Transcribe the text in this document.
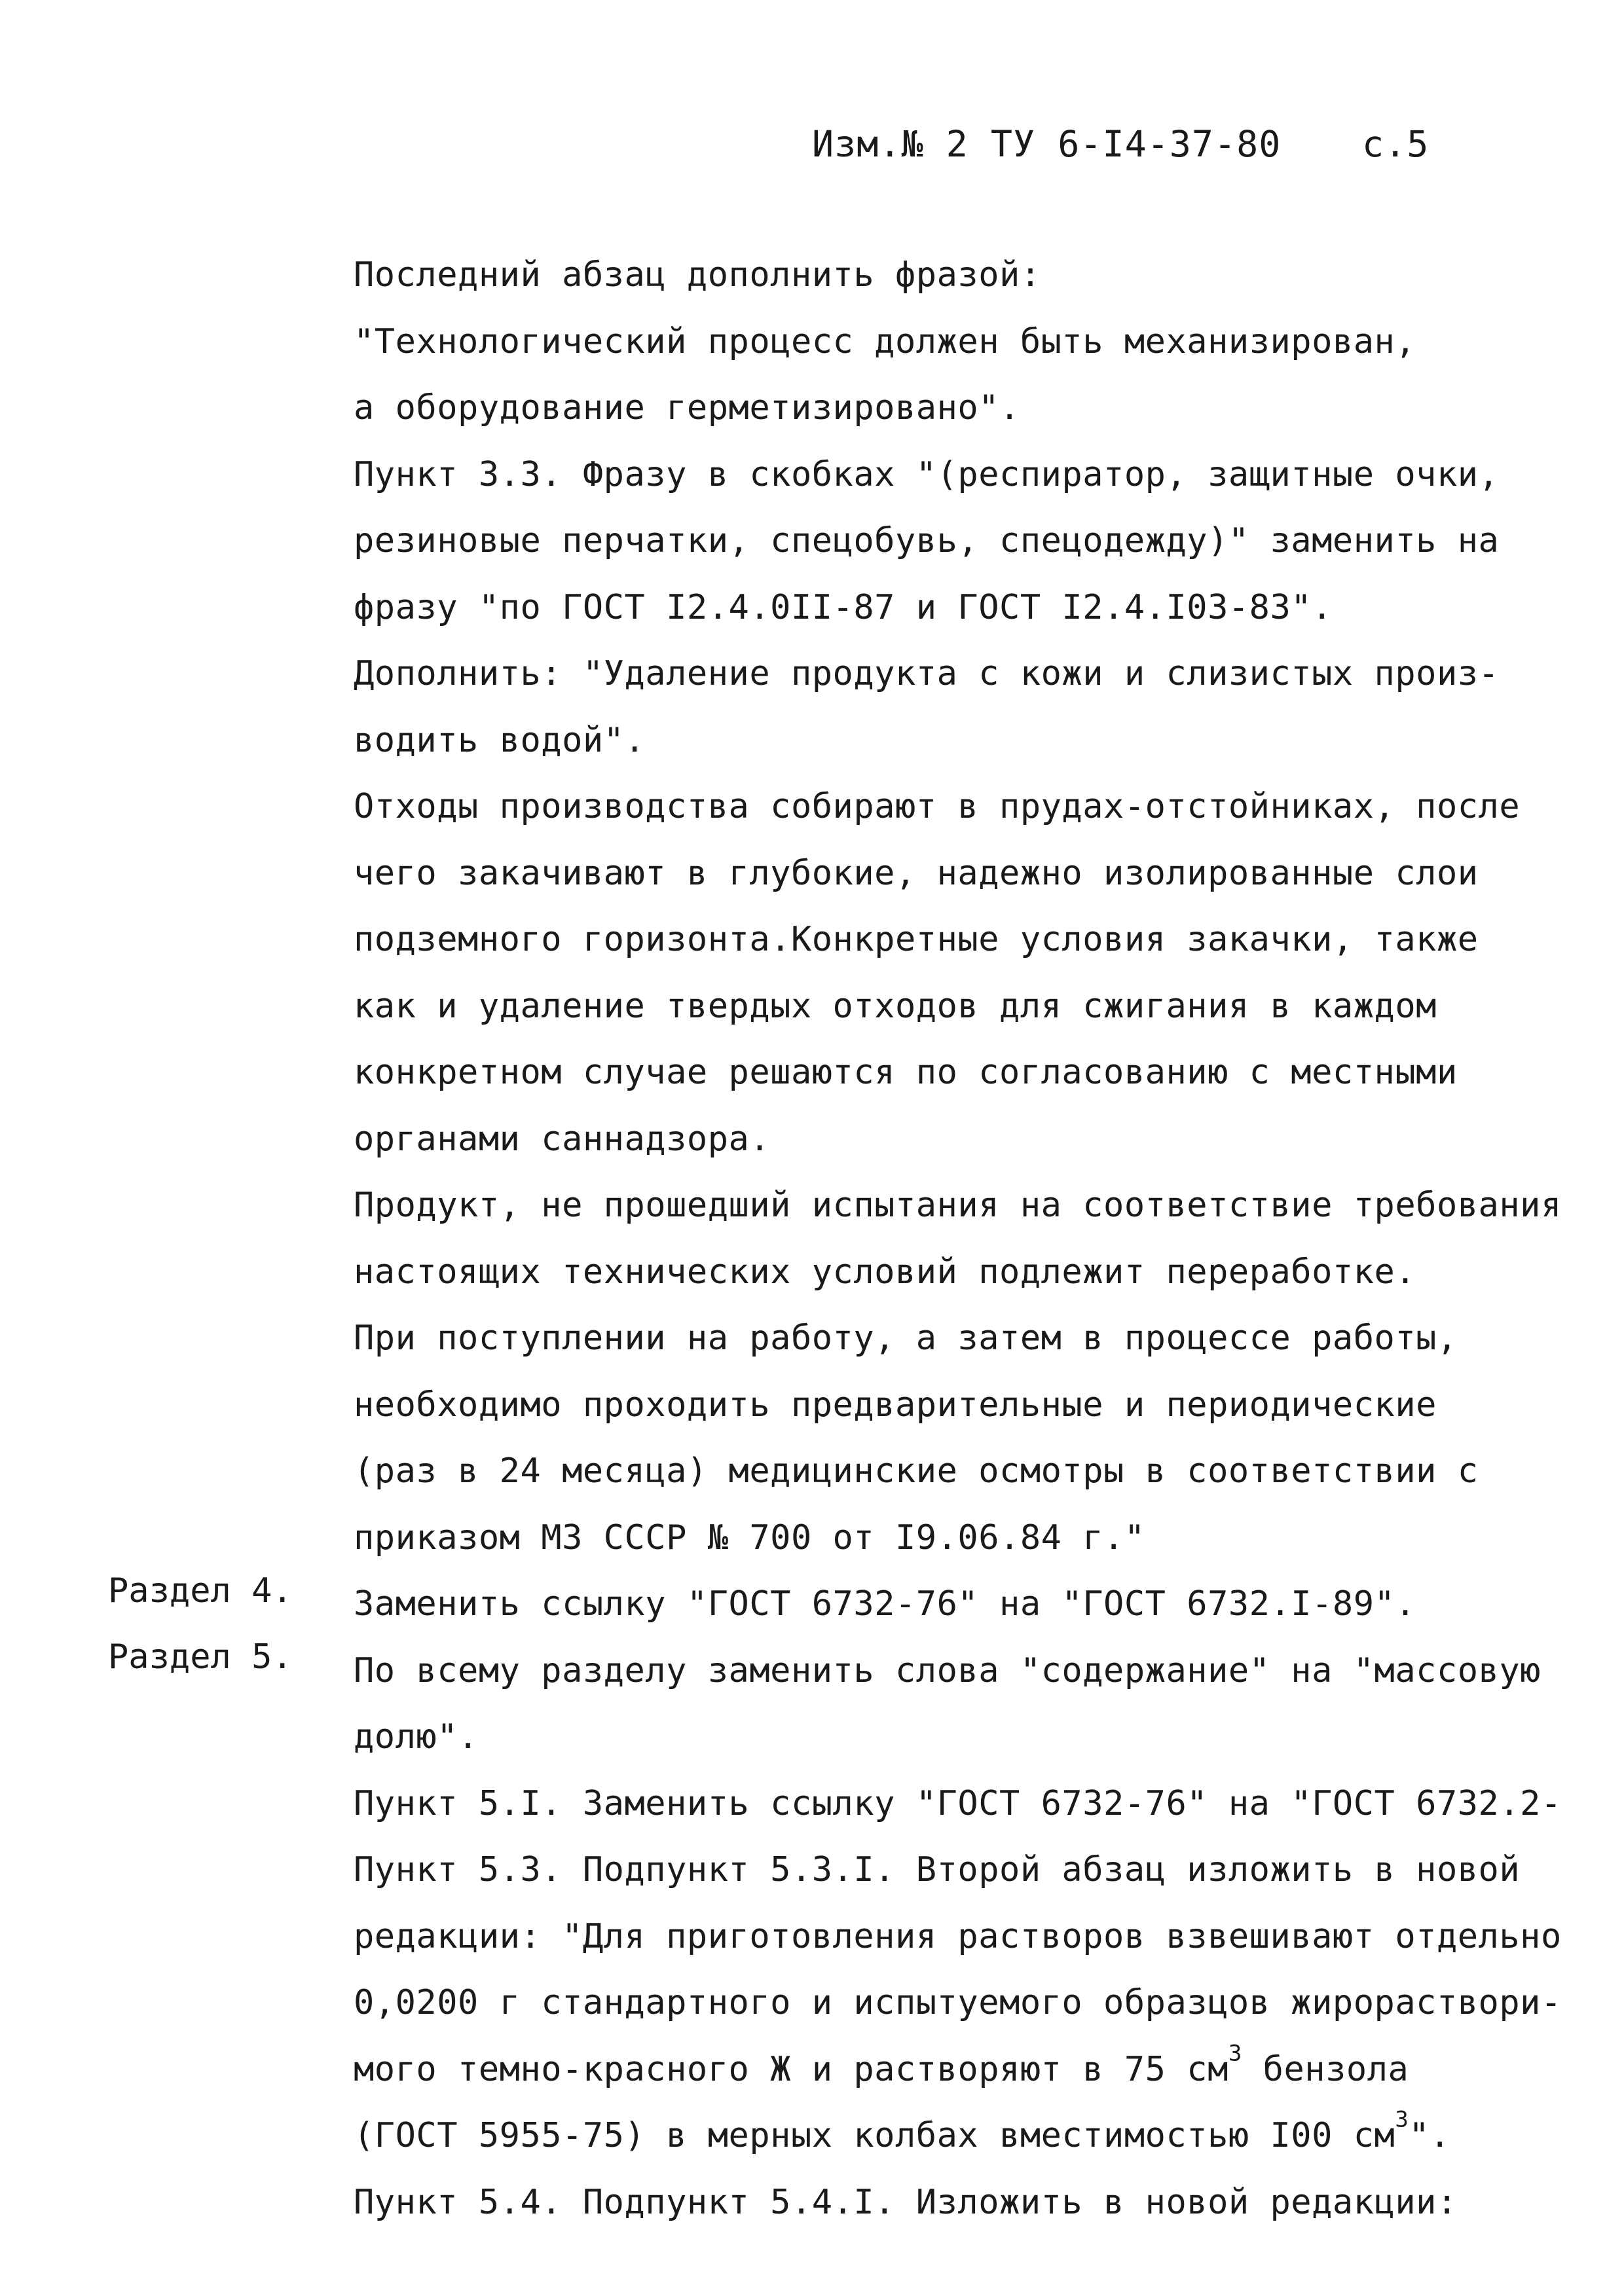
Изм.№ 2 ТУ 6-I4-37-80 с.5
Раздел 4.
Раздел 5.
Последний абзац дополнить фразой:
"Технологический процесс должен быть механизирован,
а оборудование герметизировано".
Пункт 3.3. Фразу в скобках "(респиратор, защитные очки,
резиновые перчатки, спецобувь, спецодежду)" заменить на
фразу "по ГОСТ I2.4.0II-87 и ГОСТ I2.4.I03-83".
Дополнить: "Удаление продукта с кожи и слизистых произ-
водить водой".
Отходы производства собирают в прудах-отстойниках, после
чего закачивают в глубокие, надежно изолированные слои
подземного горизонта.Конкретные условия закачки, также
как и удаление твердых отходов для сжигания в каждом
конкретном случае решаются по согласованию с местными
органами саннадзора.
Продукт, не прошедший испытания на соответствие требования
настоящих технических условий подлежит переработке.
При поступлении на работу, а затем в процессе работы,
необходимо проходить предварительные и периодические
(раз в 24 месяца) медицинские осмотры в соответствии с
приказом МЗ СССР № 700 от I9.06.84 г."
Заменить ссылку "ГОСТ 6732-76" на "ГОСТ 6732.I-89".
По всему разделу заменить слова "содержание" на "массовую
долю".
Пункт 5.I. Заменить ссылку "ГОСТ 6732-76" на "ГОСТ 6732.2-
Пункт 5.3. Подпункт 5.3.I. Второй абзац изложить в новой
редакции: "Для приготовления растворов взвешивают отдельно
0,0200 г стандартного и испытуемого образцов жирораствори-
мого темно-красного Ж и растворяют в 75 $см^3$ бензола
(ГОСТ 5955-75) в мерных колбах вместимостью I00 $см^3$".
Пункт 5.4. Подпункт 5.4.I. Изложить в новой редакции:
